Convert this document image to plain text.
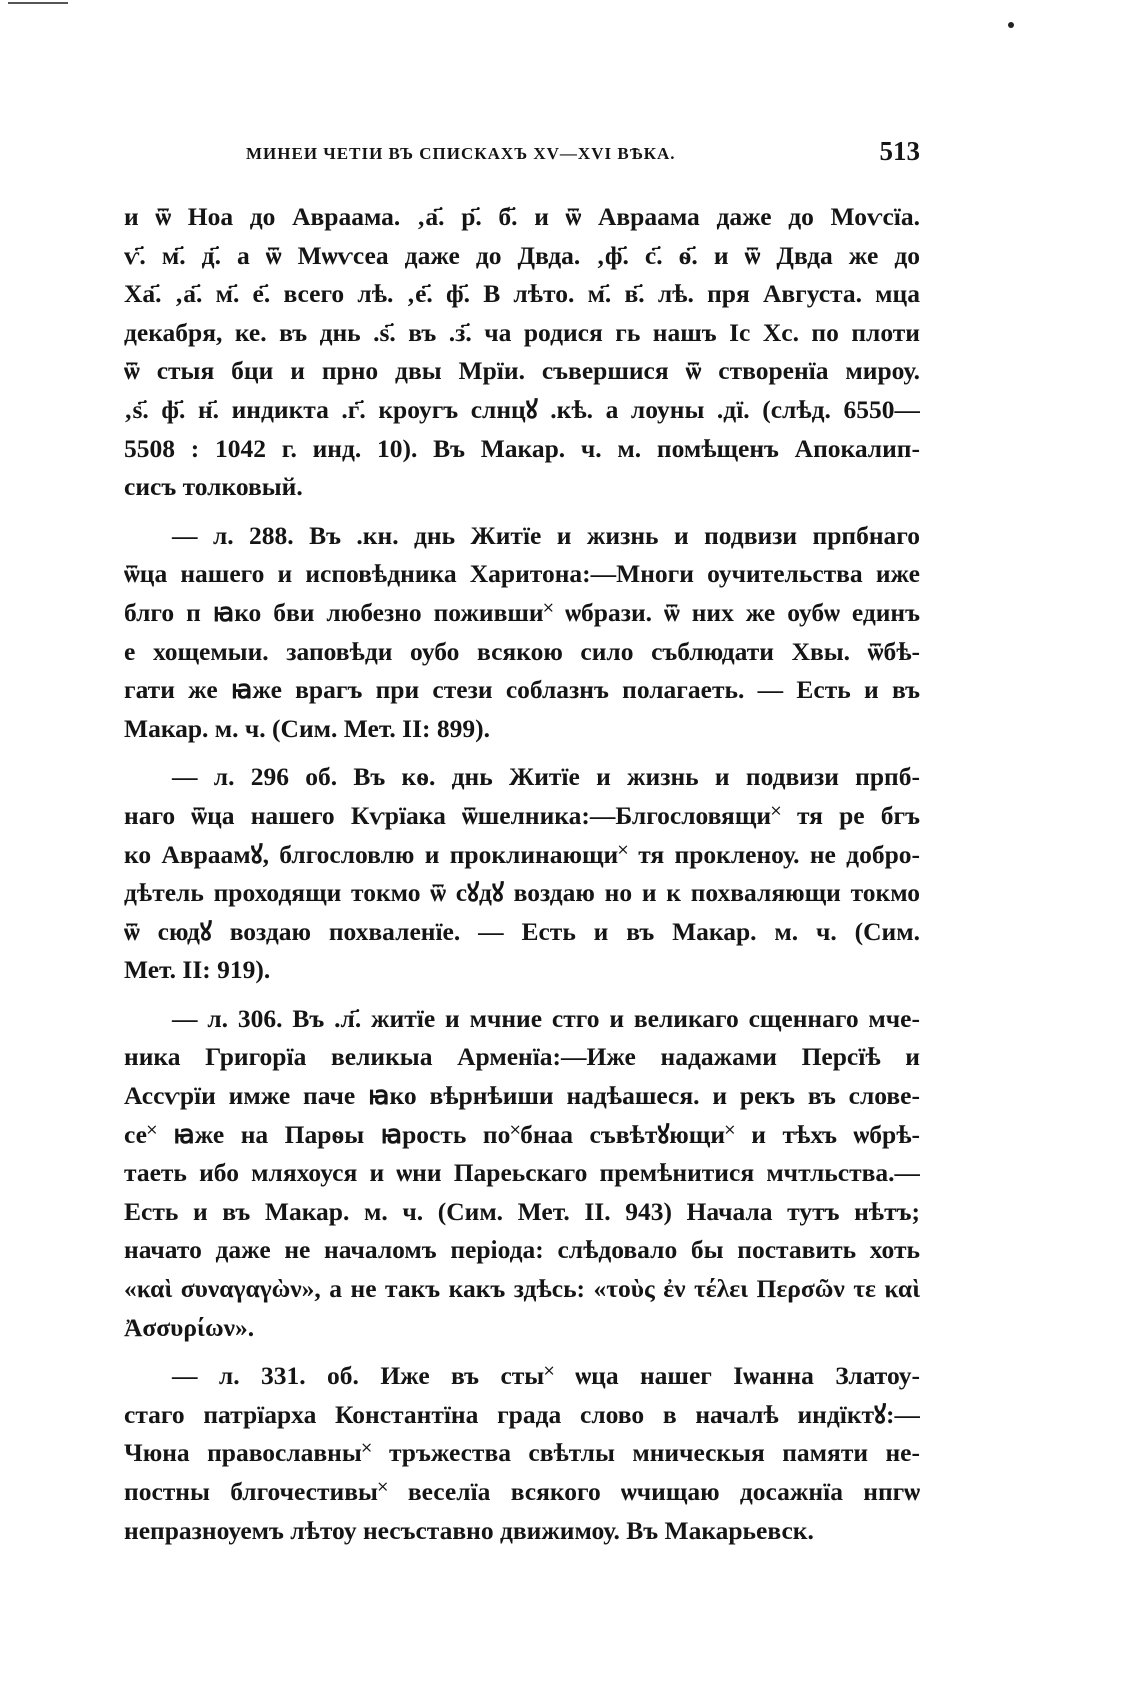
МИНЕИ ЧЕТІИ ВЪ СПИСКАХЪ XV—XVI ВѢКА.	513
и ѿ Ноа до Авраама. ‚а҃. р҃. б҃. и ѿ Авраама даже до Моѵсїа.
ѵ҃. м҃. д҃. а ѿ Мѡѵсеа даже до Двда. ‚ф҃. с҃. ѳ҃. и ѿ Двда же до
Ха҃. ‚а҃. м҃. е҃. всего лѣ. ‚е҃. ф҃. В лѣто. м҃. в҃. лѣ. пря Августа. мца
декабря, ке. въ днь .ѕ҃. въ .з҃. ча родися гь нашъ Іс Хс. по плоти
ѿ стыя бци и прно двы Мрїи. съвершися ѿ створенїа мироу.
‚ѕ҃. ф҃. н҃. индикта .г҃. кроугъ слнцꙋ .кѣ. а лоуны .дї. (слѣд. 6550—
5508 : 1042 г. инд. 10). Въ Макар. ч. м. помѣщенъ Апокалип-
сисъ толковый.
— л. 288. Въ .кн. днь Житїе и жизнь и подвизи прпбнаго
ѿца нашего и исповѣдника Харитона:—Многи оучительства иже
блго п ꙗко бви любезно поживши˟ ѡбрази. ѿ них же оубѡ единъ
е хощемыи. заповѣди оубо всякою сило съблюдати Хвы. ѿбѣ-
гати же ꙗже врагъ при стези соблазнъ полагаеть. — Есть и въ
Макар. м. ч. (Сим. Мет. II: 899).
— л. 296 об. Въ кѳ. днь Житїе и жизнь и подвизи прпб-
наго ѿца нашего Кѵрїака ѿшелника:—Блгословящи˟ тя ре бгъ
ко Авраамꙋ, блгословлю и проклинающи˟ тя прокленоу. не добро-
дѣтель проходящи токмо ѿ сꙋдꙋ воздаю но и к похваляющи токмо
ѿ сюдꙋ воздаю похваленїе. — Есть и въ Макар. м. ч. (Сим.
Мет. II: 919).
— л. 306. Въ .л҃. житїе и мчние стго и великаго сщеннаго мче-
ника Григорїа великыа Арменїа:—Иже надажами Персїѣ и
Ассѵрїи имже паче ꙗко вѣрнѣиши надѣашеся. и рекъ въ слове-
се˟ ꙗже на Парѳы ꙗрость по˟бнаа съвѣтꙋющи˟ и тѣхъ ѡбрѣ-
таеть ибо мляхоуся и ѡни Пареьскаго премѣнитися мчтльства.—
Есть и въ Макар. м. ч. (Сим. Мет. II. 943) Начала тутъ нѣтъ;
начато даже не началомъ періода: слѣдовало бы поставить хоть
«καὶ συναγαγὼν», а не такъ какъ здѣсь: «τοὺς ἐν τέλει Περσῶν τε καὶ
Ἀσσυρίων».
— л. 331. об. Иже въ сты˟ ѡца нашег Іѡанна Златоу-
стаго патрїарха Константїна града слово в началѣ индїктꙋ:—
Чюна православны˟ тръжества свѣтлы мническыя памяти не-
постны блгочестивы˟ веселїа всякого ѡчищаю досажнїа нпгѡ
непразноуемъ лѣтоу несъставно движимоу. Въ Макарьевск.
